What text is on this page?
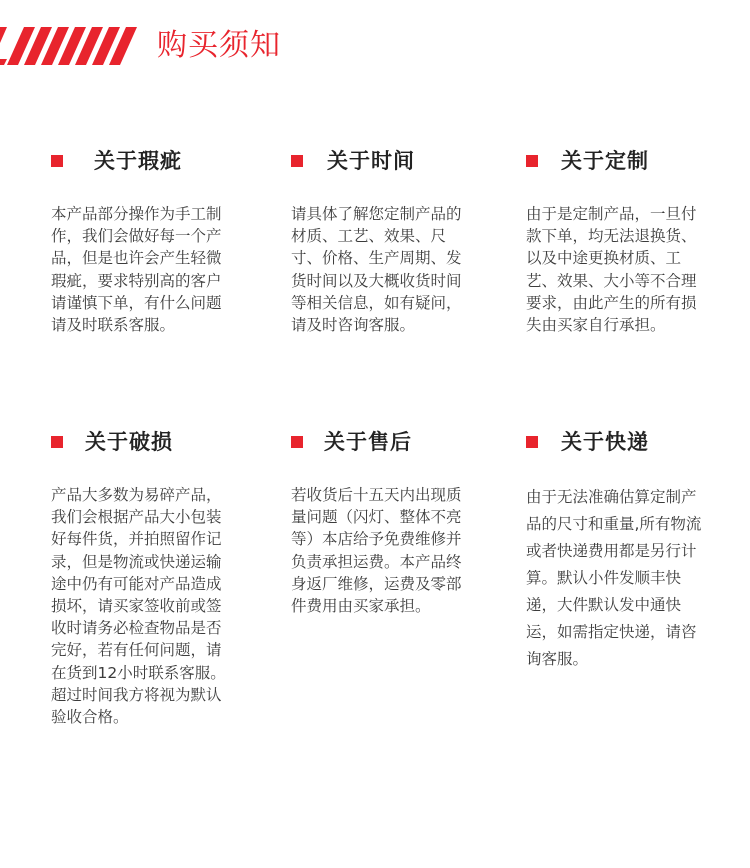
购买须知
关于瑕疵
本产品部分操作为手工制作，我们会做好每一个产品，但是也许会产生轻微瑕疵，要求特别高的客户请谨慎下单，有什么问题请及时联系客服。
关于时间
请具体了解您定制产品的材质、工艺、效果、尺寸、价格、生产周期、发货时间以及大概收货时间等相关信息，如有疑问，请及时咨询客服。
关于定制
由于是定制产品，一旦付款下单，均无法退换货、以及中途更换材质、工艺、效果、大小等不合理要求，由此产生的所有损失由买家自行承担。
关于破损
产品大多数为易碎产品，我们会根据产品大小包装好每件货，并拍照留作记录，但是物流或快递运输途中仍有可能对产品造成损坏，请买家签收前或签收时请务必检查物品是否完好，若有任何问题，请在货到12小时联系客服。超过时间我方将视为默认验收合格。
关于售后
若收货后十五天内出现质量问题（闪灯、整体不亮等）本店给予免费维修并负责承担运费。本产品终身返厂维修，运费及零部件费用由买家承担。
关于快递
由于无法准确估算定制产品的尺寸和重量,所有物流或者快递费用都是另行计算。默认小件发顺丰快递，大件默认发中通快运，如需指定快递，请咨询客服。
